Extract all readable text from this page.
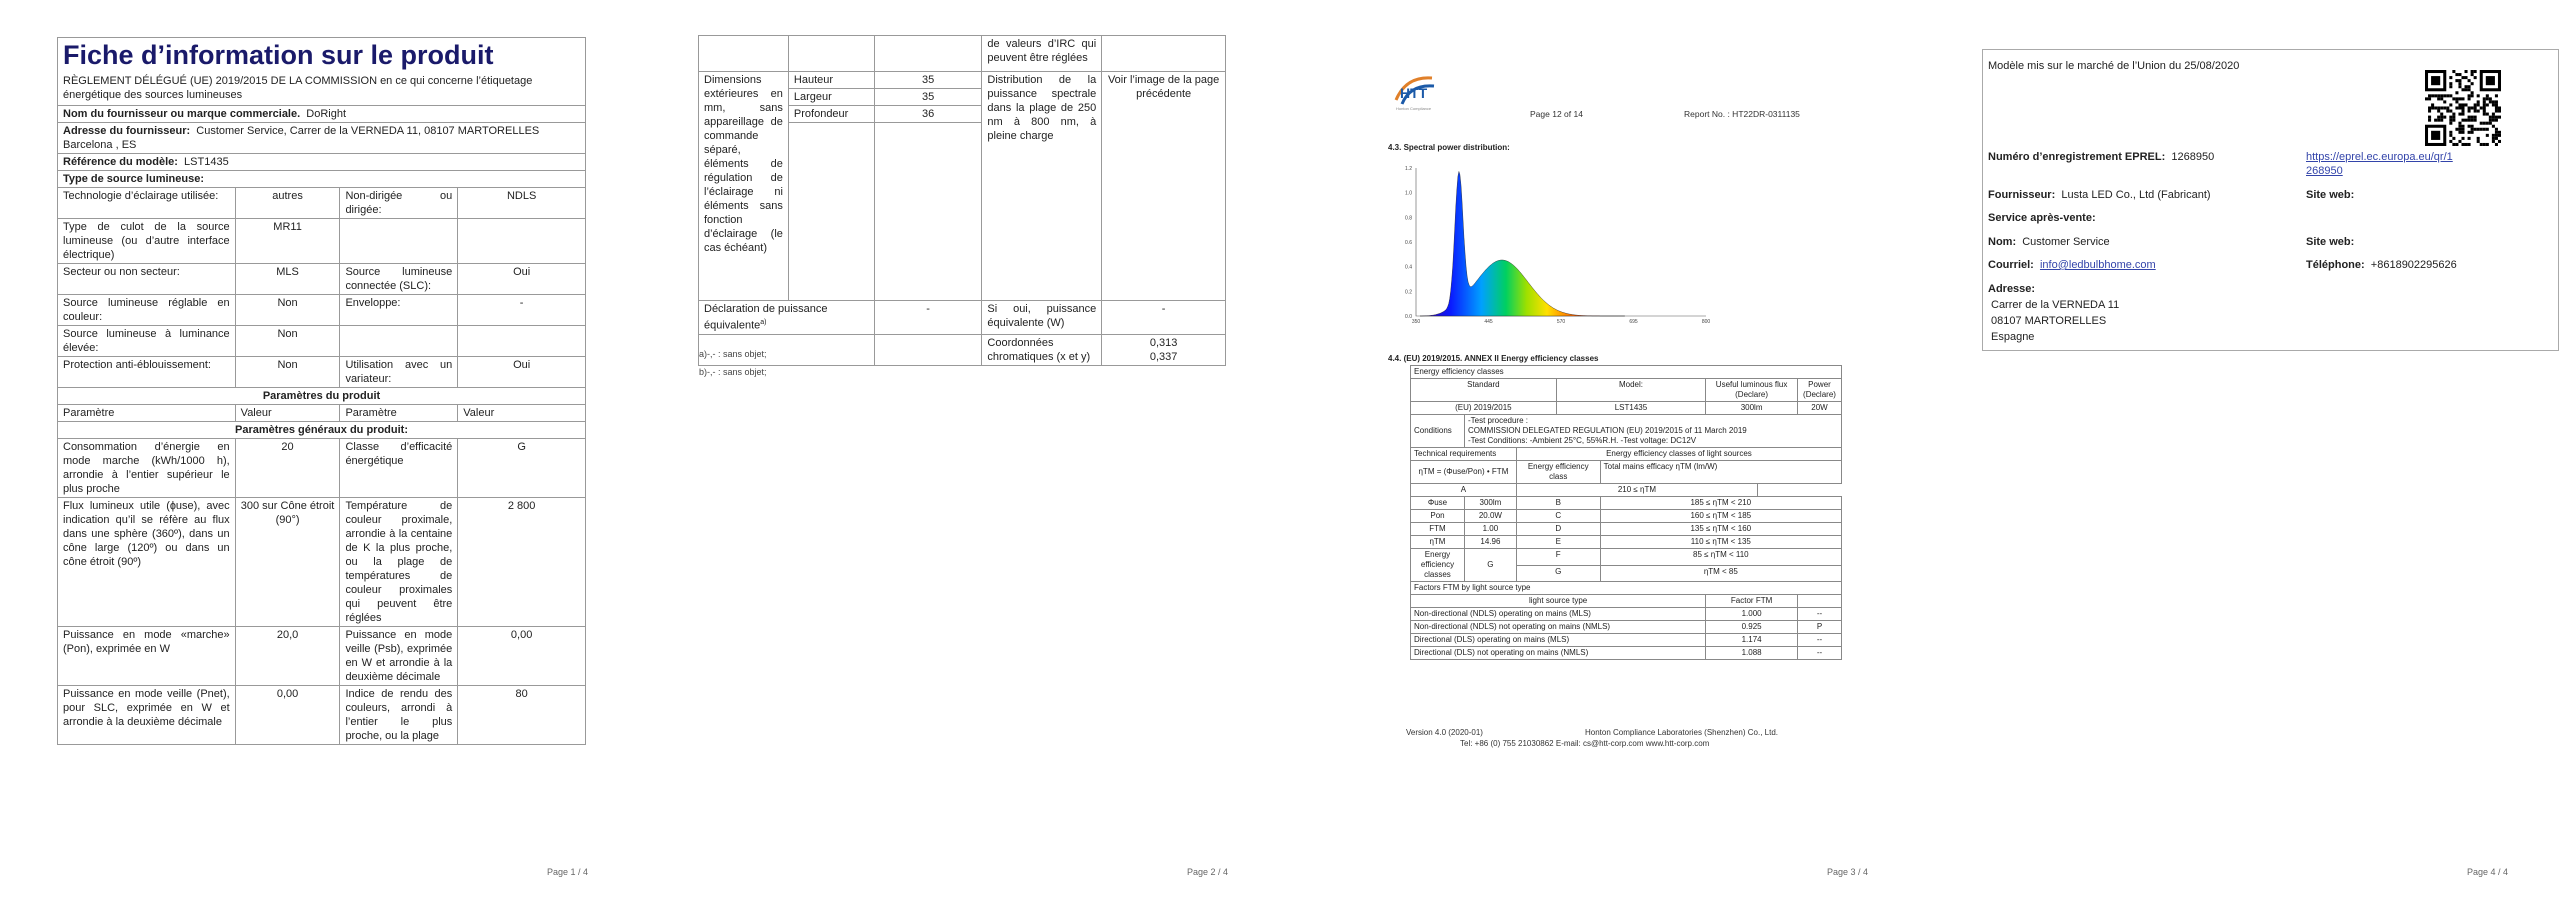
Fiche d’information sur le produit
RÈGLEMENT DÉLÉGUÉ (UE) 2019/2015 DE LA COMMISSION en ce qui concerne l’étiquetage énergétique des sources lumineuses			

Nom du fournisseur ou marque commerciale. DoRight			
Adresse du fournisseur: Customer Service, Carrer de la VERNEDA 11, 08107 MARTORELLES Barcelona , ES			
Référence du modèle: LST1435			
Type de source lumineuse:			
Technologie d’éclairage utilisée:	autres	Non-dirigée ou dirigée:	NDLS
Type de culot de la source lumineuse (ou d’autre interface électrique)	MR11		
Secteur ou non secteur:	MLS	Source lumineuse connectée (SLC):	Oui
Source lumineuse réglable en couleur:	Non	Enveloppe:	-
Source lumineuse à luminance élevée:	Non		
Protection anti-éblouissement:	Non	Utilisation avec un variateur:	Oui
Paramètres du produit			
Paramètre	Valeur	Paramètre	Valeur
Paramètres généraux du produit:			
Consommation d’énergie en mode marche (kWh/1000 h), arrondie à l’entier supérieur le plus proche	20	Classe d’efficacité énergétique	G
Flux lumineux utile (ɸuse), avec indication qu’il se réfère au flux dans une sphère (360º), dans un cône large (120º) ou dans un cône étroit (90º)	300 sur Cône étroit (90°)	Température de couleur proximale, arrondie à la centaine de K la plus proche, ou la plage de températures de couleur proximales qui peuvent être réglées	2 800
Puissance en mode «marche» (Pon), exprimée en W	20,0	Puissance en mode veille (Psb), exprimée en W et arrondie à la deuxième décimale	0,00
Puissance en mode veille (Pnet), pour SLC, exprimée en W et arrondie à la deuxième décimale	0,00	Indice de rendu des couleurs, arrondi à l’entier le plus proche, ou la plage	80
Page 1 / 4
			de valeurs d’IRC qui peuvent être réglées	
Dimensions extérieures en mm, sans appareillage de commande séparé, éléments de régulation de l’éclairage ni éléments sans fonction d’éclairage (le cas échéant)	Hauteur	35	Distribution de la puissance spectrale dans la plage de 250 nm à 800 nm, à pleine charge	Voir l’image de la page précédente
	Largeur	35		
	Profondeur	36		

Déclaration de puissance équivalente$^{a)}$		-	Si oui, puissance équivalente (W)	-
			Coordonnées chromatiques (x et y)	0,313
0,337
a)-,- : sans objet;
b)-,- : sans objet;
Page 2 / 4
HTT
Honton Compliance
Page 12 of 14	Report No. : HT22DR-0311135
4.3. Spectral power distribution:
1.2
1.0
0.8
0.6
0.4
0.2
0.0
350	445	570	695	800
4.4. (EU) 2019/2015. ANNEX II Energy efficiency classes
Energy efficiency classes						
Standard			Model:		Useful luminous flux (Declare)	Power (Declare)
(EU) 2019/2015			LST1435		300lm	20W
Conditions	-Test procedure :
COMMISSION DELEGATED REGULATION (EU) 2019/2015 of 11 March 2019
-Test Conditions: -Ambient 25°C, 55%R.H. -Test voltage: DC12V					

Technical requirements		Energy efficiency classes of light sources				
ηTM = (Φuse/Pon) • FTM		Energy efficiency class		Total mains efficacy ηTM (lm/W)		
A		210 ≤ ηTM				
Φuse	300lm	B		185 ≤ ηTM < 210		
Pon	20.0W	C		160 ≤ ηTM < 185		
FTM	1.00	D		135 ≤ ηTM < 160		
ηTM	14.96	E		110 ≤ ηTM < 135		
Energy efficiency classes	G	F		85 ≤ ηTM < 110		
		G		ηTM < 85		
Factors FTM by light source type						
light source type					Factor FTM	
Non-directional (NDLS) operating on mains (MLS)					1.000	--
Non-directional (NDLS) not operating on mains (NMLS)					0.925	P
Directional (DLS) operating on mains (MLS)					1.174	--
Directional (DLS) not operating on mains (NMLS)					1.088	--
Version 4.0 (2020-01)	Honton Compliance Laboratories (Shenzhen) Co., Ltd.
Tel: +86 (0) 755 21030862 E-mail: cs@htt-corp.com www.htt-corp.com
Page 3 / 4
Modèle mis sur le marché de l’Union du 25/08/2020
Numéro d’enregistrement EPREL: 1268950	https://eprel.ec.europa.eu/qr/1268950
Fournisseur: Lusta LED Co., Ltd (Fabricant)	Site web:
Service après-vente:
Nom: Customer Service	Site web:
Courriel: info@ledbulbhome.com	Téléphone: +8618902295626
Adresse:
Carrer de la VERNEDA 11
08107 MARTORELLES
Espagne
Page 4 / 4
